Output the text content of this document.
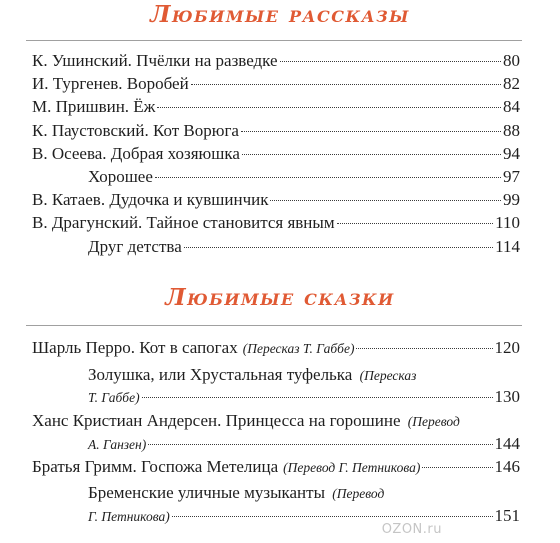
Любимые рассказы
К. Ушинский. Пчёлки на разведке	80
И. Тургенев. Воробей	82
М. Пришвин. Ёж	84
К. Паустовский. Кот Ворюга	88
В. Осеева. Добрая хозяюшка	94
Хорошее	97
В. Катаев. Дудочка и кувшинчик	99
В. Драгунский. Тайное становится явным	110
Друг детства	114
Любимые сказки
Шарль Перро. Кот в сапогах (Пересказ Т. Габбе)	120
Золушка, или Хрустальная туфелька (Пересказ
Т. Габбе)	130
Ханс Кристиан Андерсен. Принцесса на горошине (Перевод
А. Ганзен)	144
Братья Гримм. Госпожа Метелица (Перевод Г. Петникова)	146
Бременские уличные музыканты (Перевод
Г. Петникова)	151
OZON.ru
